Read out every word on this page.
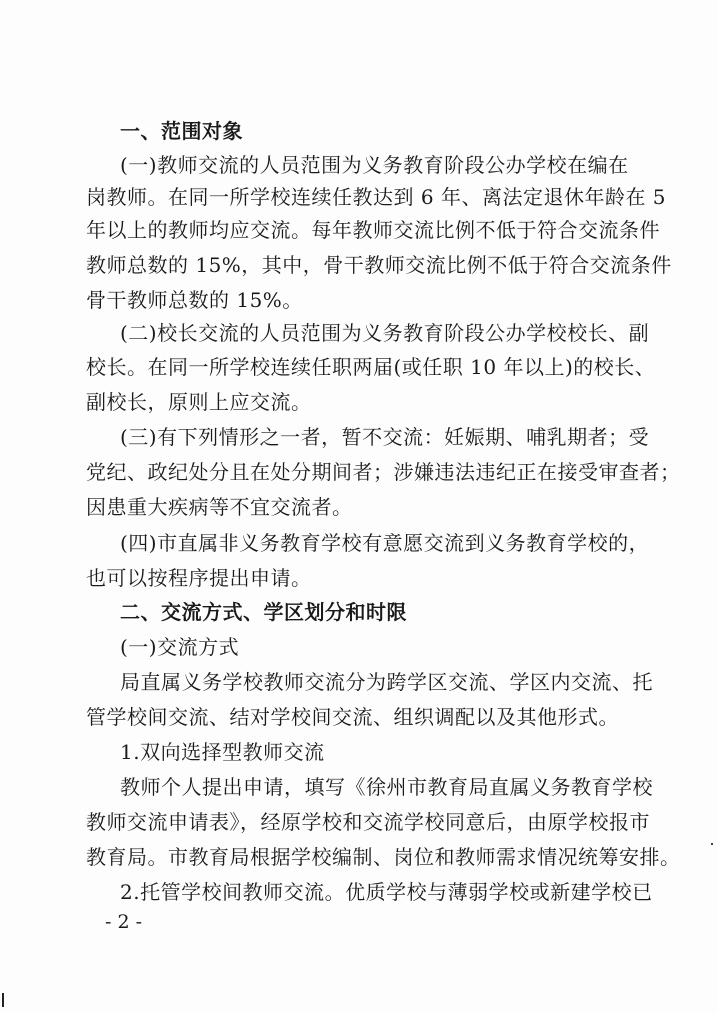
一、范围对象
(一)教师交流的人员范围为义务教育阶段公办学校在编在
岗教师。在同一所学校连续任教达到 6 年、离法定退休年龄在 5
年以上的教师均应交流。每年教师交流比例不低于符合交流条件
教师总数的 15%，其中，骨干教师交流比例不低于符合交流条件
骨干教师总数的 15%。
(二)校长交流的人员范围为义务教育阶段公办学校校长、副
校长。在同一所学校连续任职两届(或任职 10 年以上)的校长、
副校长，原则上应交流。
(三)有下列情形之一者，暂不交流：妊娠期、哺乳期者；受
党纪、政纪处分且在处分期间者；涉嫌违法违纪正在接受审查者；
因患重大疾病等不宜交流者。
(四)市直属非义务教育学校有意愿交流到义务教育学校的，
也可以按程序提出申请。
二、交流方式、学区划分和时限
(一)交流方式
局直属义务学校教师交流分为跨学区交流、学区内交流、托
管学校间交流、结对学校间交流、组织调配以及其他形式。
1.双向选择型教师交流
教师个人提出申请，填写《徐州市教育局直属义务教育学校
教师交流申请表》，经原学校和交流学校同意后，由原学校报市
教育局。市教育局根据学校编制、岗位和教师需求情况统筹安排。
2.托管学校间教师交流。优质学校与薄弱学校或新建学校已
- 2 -
